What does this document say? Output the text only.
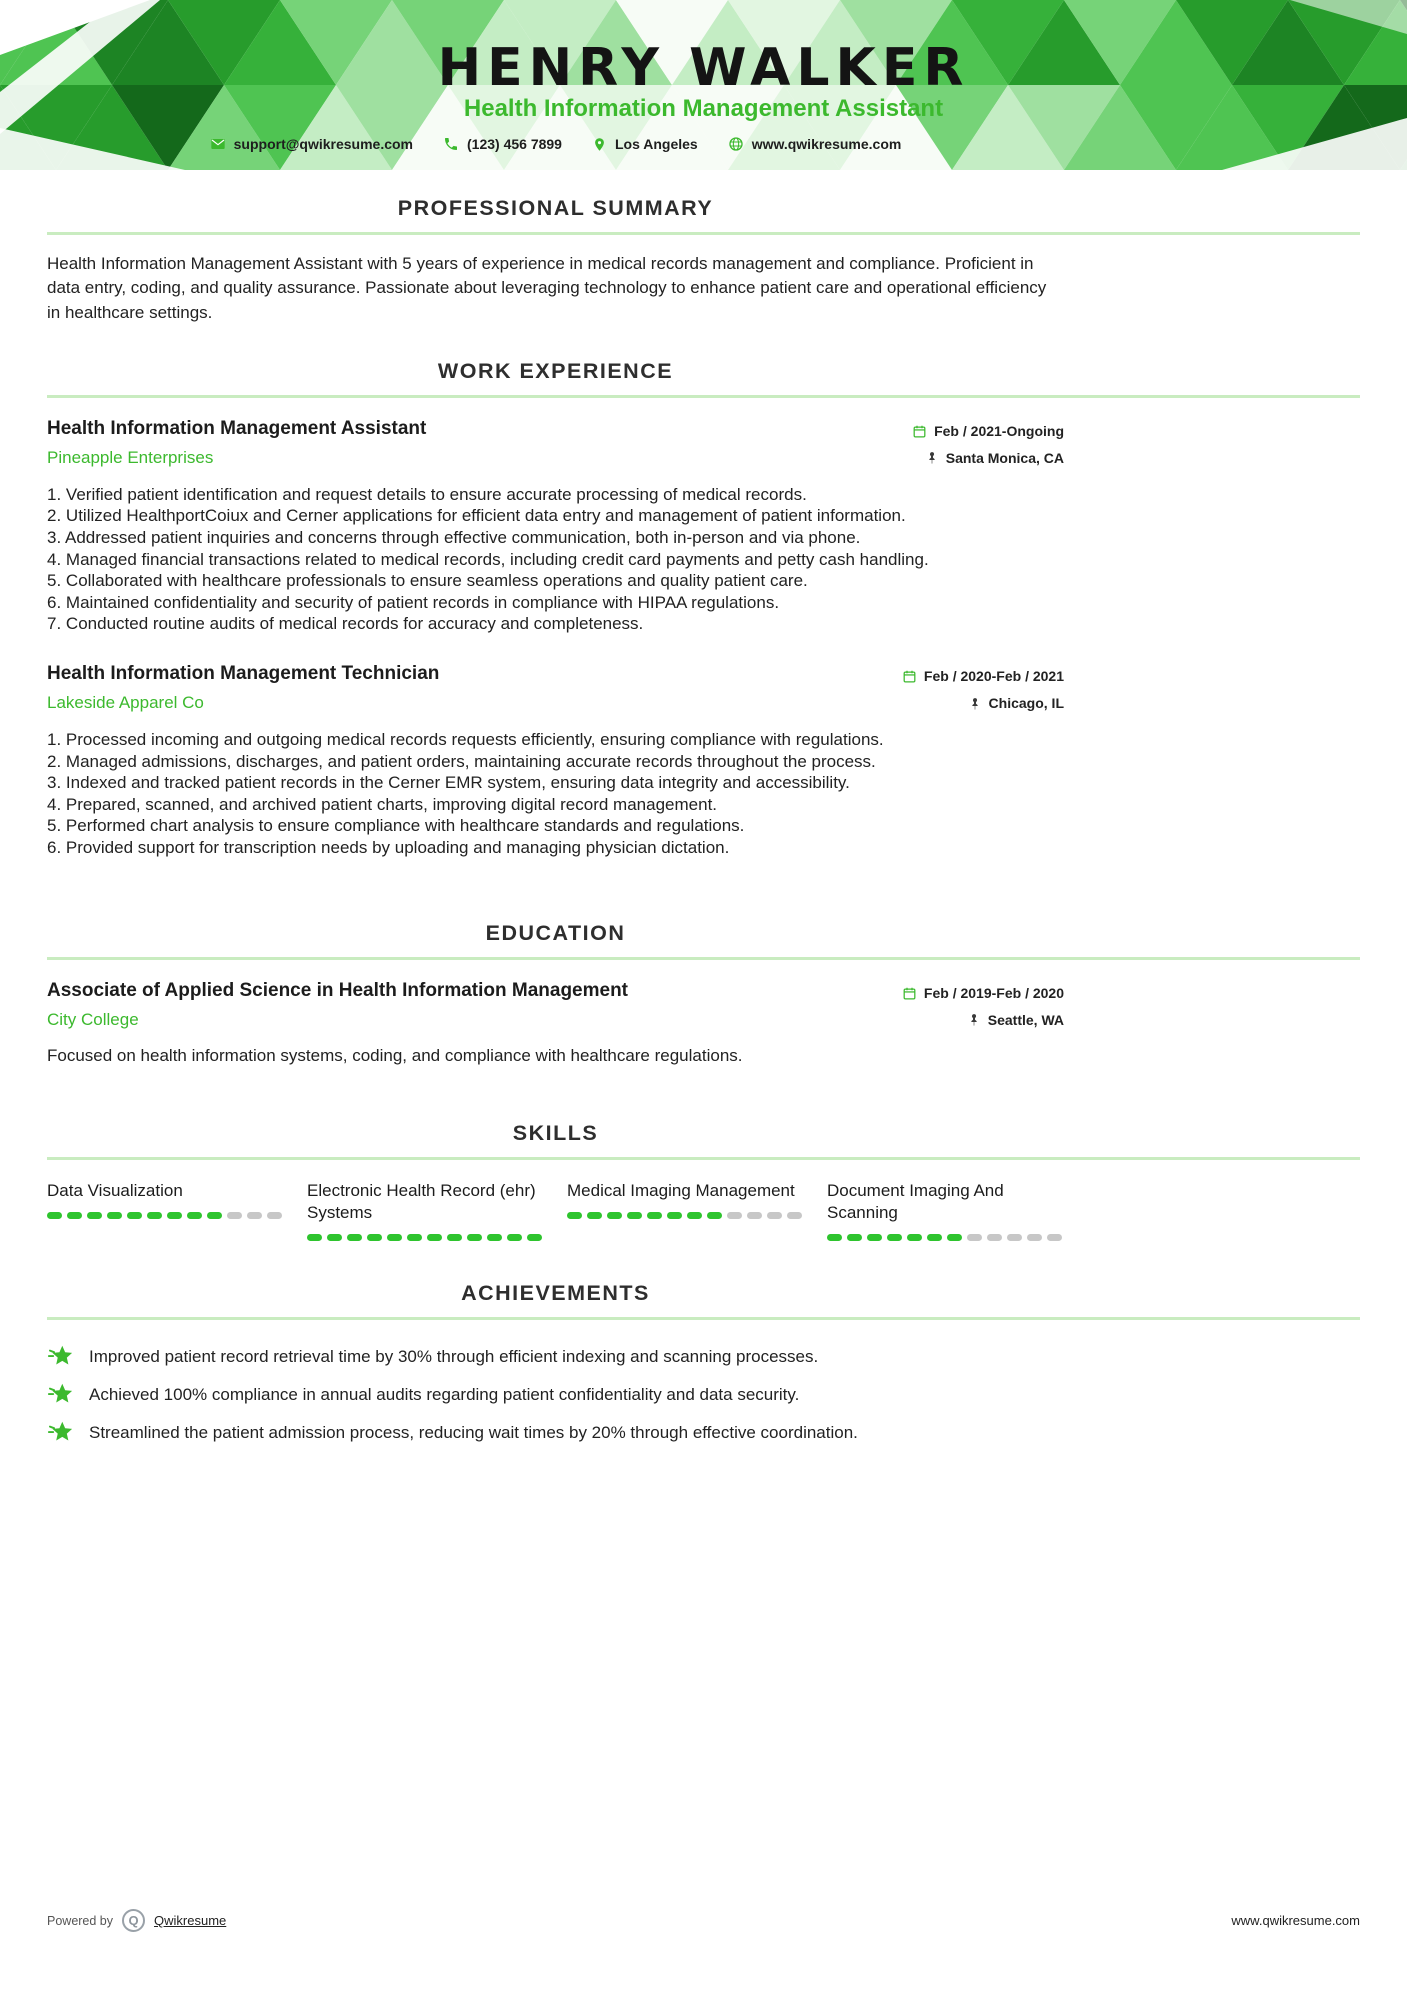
HENRY WALKER
Health Information Management Assistant
support@qwikresume.com	(123) 456 7899	Los Angeles	www.qwikresume.com
PROFESSIONAL SUMMARY

Health Information Management Assistant with 5 years of experience in medical records management and compliance. Proficient in data entry, coding, and quality assurance. Passionate about leveraging technology to enhance patient care and operational efficiency in healthcare settings.

WORK EXPERIENCE
Health Information Management Assistant
Pineapple Enterprises
Feb / 2021-Ongoing
Santa Monica, CA
Verified patient identification and request details to ensure accurate processing of medical records.
Utilized HealthportCoiux and Cerner applications for efficient data entry and management of patient information.
Addressed patient inquiries and concerns through effective communication, both in-person and via phone.
Managed financial transactions related to medical records, including credit card payments and petty cash handling.
Collaborated with healthcare professionals to ensure seamless operations and quality patient care.
Maintained confidentiality and security of patient records in compliance with HIPAA regulations.
Conducted routine audits of medical records for accuracy and completeness.
Health Information Management Technician
Lakeside Apparel Co
Feb / 2020-Feb / 2021
Chicago, IL
Processed incoming and outgoing medical records requests efficiently, ensuring compliance with regulations.
Managed admissions, discharges, and patient orders, maintaining accurate records throughout the process.
Indexed and tracked patient records in the Cerner EMR system, ensuring data integrity and accessibility.
Prepared, scanned, and archived patient charts, improving digital record management.
Performed chart analysis to ensure compliance with healthcare standards and regulations.
Provided support for transcription needs by uploading and managing physician dictation.
EDUCATION
Associate of Applied Science in Health Information Management
City College
Feb / 2019-Feb / 2020
Seattle, WA

Focused on health information systems, coding, and compliance with healthcare regulations.

SKILLS
Data Visualization	Electronic Health Record (ehr) Systems
Medical Imaging Management	Document Imaging And Scanning
ACHIEVEMENTS
Improved patient record retrieval time by 30% through efficient indexing and scanning processes.
Achieved 100% compliance in annual audits regarding patient confidentiality and data security.
Streamlined the patient admission process, reducing wait times by 20% through effective coordination.
Powered by	Q	Qwikresume	www.qwikresume.com
